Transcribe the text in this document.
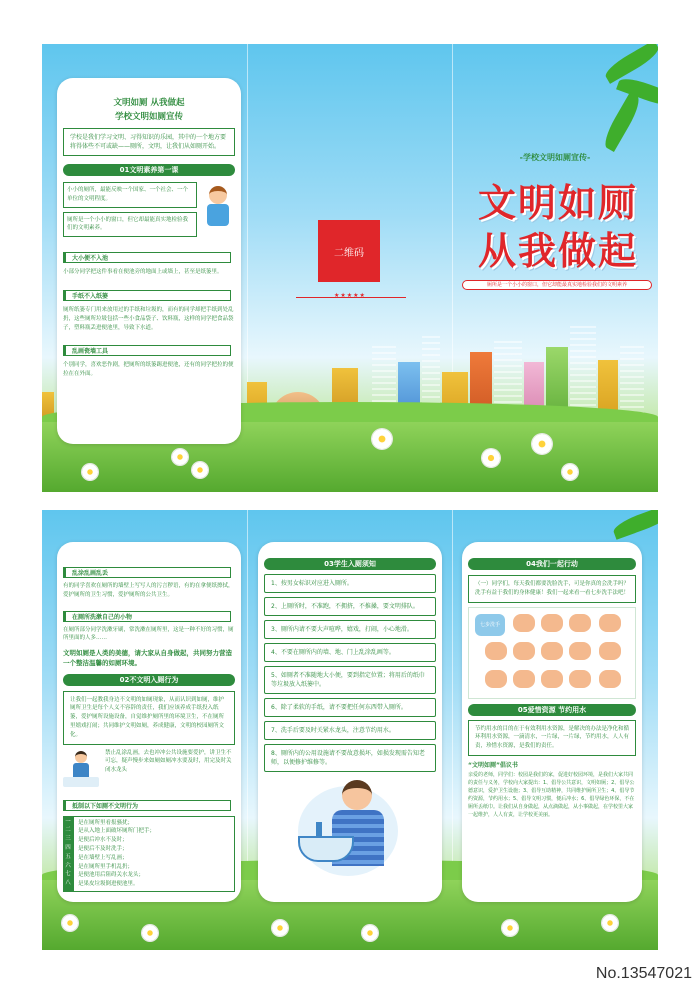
文明如厕 从我做起
学校文明如厕宣传
学校是我们学习文明、习得知识的乐园，其中的一个地方要将得体些不可或缺——厕所，文明，让我们从如厕开始。
01文明素养第一课
小小的厕所，最能反映一个国家、一个社会、一个单位的文明程度。
厕所是一个小小的窗口，但它却最能真实地检验我们的文明素养。
大小便不入池
小部分同学把这件事看在便池旁的地面上或墙上，甚至是纸篓里。
手纸不入纸篓
厕所纸篓专门用来放用过的手纸和垃圾的，而有的同学却把手纸到处乱扔，这些厕所垃圾包括一些小食品袋子、饮料瓶，这样的同学把食品袋子，塑料瓶丢进便池里，导致下水道。
乱画瓷墙工具
个别同学，喜欢恶作剧，把厕所的纸篓踢进便池，还有的同学把拉的便拉在在外面。
二维码
★★★★★
-学校文明如厕宣传-
文明如厕
从我做起
厕所是一个小小的窗口，但它却能最真实地检验我们的文明素养
乱涂乱画乱丢
有的同学喜欢在厕所的墙壁上写写人的污言秽语，有的在拿便纸擦拭，爱护厕所的卫生习惯，爱护厕所的公共卫生。
在厕所洗漱自己的小物
在厕所部分同学洗漱牙刷，常洗漱在厕所里，这是一种不好的习惯，厕所里面的人多……
文明如厕是人类的美德，请大家从自身做起，共同努力营造一个整洁温馨的如厕环境。
02不文明入厕行为
让我们一起教我身边不文明的如厕现象，从而认识到如厕，维护厕所卫生是每个人义不容辞的责任，我们应该养成手纸投入纸篓，爱护厕所设施设备，自觉维护厕所里的环境卫生，不在厕所里嬉戏打闹；共同维护文明如厕，养成健康，文明的校园厕所文化。
禁止乱涂乱画，去也冲冲公共设施要爱护，讲卫生不可忘，疑声慢步来如厕如厕冲水要及时，用完及时关闭水龙头
抵制以下如厕不文明行为
一 二 三 四 五 六 七 八
是在厕所里看报骚扰；
是从入地上面破坏厕所门把手；
是便后冲水不及时；
是便后不及时洗手；
是在墙壁上写乱画；
是在厕所里手机乱扔；
是便池用后阻碍关水龙头；
是果皮垃圾倒进便池里。
03学生入厕须知
1、按男女标识对应进入厕所。
2、上厕所时，不准跑，不拥挤，不推搡，要文明排队。
3、厕所内请不要大声喧哗，嬉戏，打闹，小心地滑。
4、不要在厕所内的墙、地、门上乱涂乱画等。
5、如厕者不准随地大小便，要到指定位置；将用后的纸巾等垃圾放入纸篓中。
6、除了柔软的手纸，请不要把任何东西带入厕所。
7、洗手后要及时关紧水龙头，注意节约用水。
8、厕所内的公用设施请不要故意损坏，如损发现需告知老师，以便修护维修等。
04我们一起行动
（一）同学们，每天我们都要洗脸洗手，可是你真的会洗手吗？洗手有益于我们的身体健康！我们一起来看一看七步洗手法吧！
七步洗手
05爱惜资源 节约用水
节约用水的目的在于有效利用水资源，是解决的办法是净化和循环利用水资源，一滴清水，一片绿，一片绿，节约用水，人人有责，珍惜水资源，是我们的责任。
“文明如厕”倡议书
亲爱的老师，同学们：校园是我们的家，促进好校园环境，是我们大家共同的责任与义务，学校向大家提出：1、倡导公共意识，文明如厕；2、倡导公德意识，爱护卫生设施；3、倡导互助精神，共同维护厕所卫生；4、倡导节约资源，节约用水；5、倡导文明习惯，便后冲水；6、倡导绿色环保，不在厕所丢纸巾。让我们从自身做起，从点滴做起，从小事做起，在学校里大家一起维护，人人有责，让学校更美丽。
No.13547021
